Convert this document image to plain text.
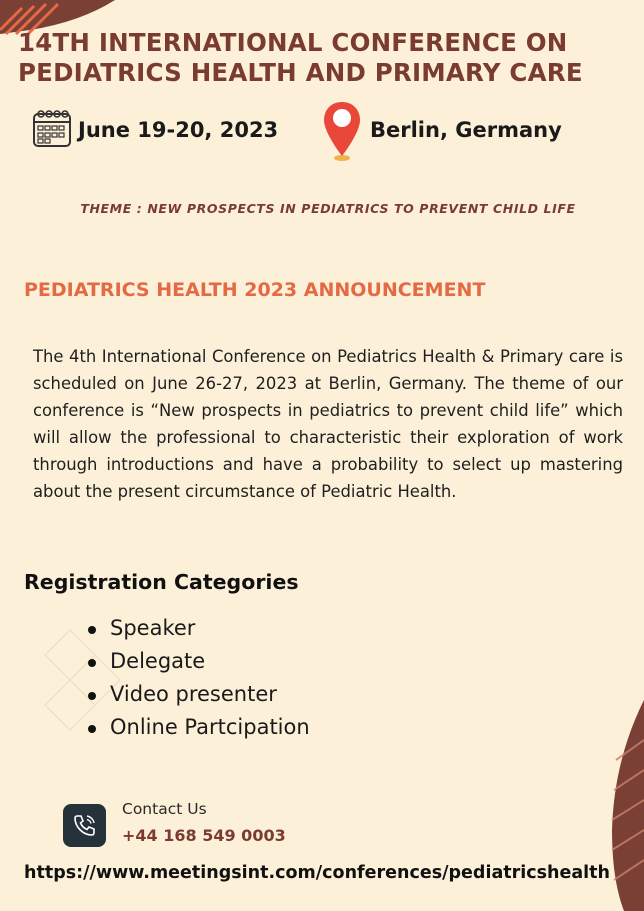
14TH INTERNATIONAL CONFERENCE ON
PEDIATRICS HEALTH AND PRIMARY CARE
June 19-20, 2023	Berlin, Germany
THEME : NEW PROSPECTS IN PEDIATRICS TO PREVENT CHILD LIFE
PEDIATRICS HEALTH 2023 ANNOUNCEMENT
The 4th International Conference on Pediatrics Health & Primary care is scheduled on June 26-27, 2023 at Berlin, Germany. The theme of our conference is “New prospects in pediatrics to prevent child life” which will allow the professional to characteristic their exploration of work through introductions and have a probability to select up mastering about the present circumstance of Pediatric Health.
Registration Categories
Speaker
Delegate
Video presenter
Online Partcipation
Contact Us
+44 168 549 0003
https://www.meetingsint.com/conferences/pediatricshealth
